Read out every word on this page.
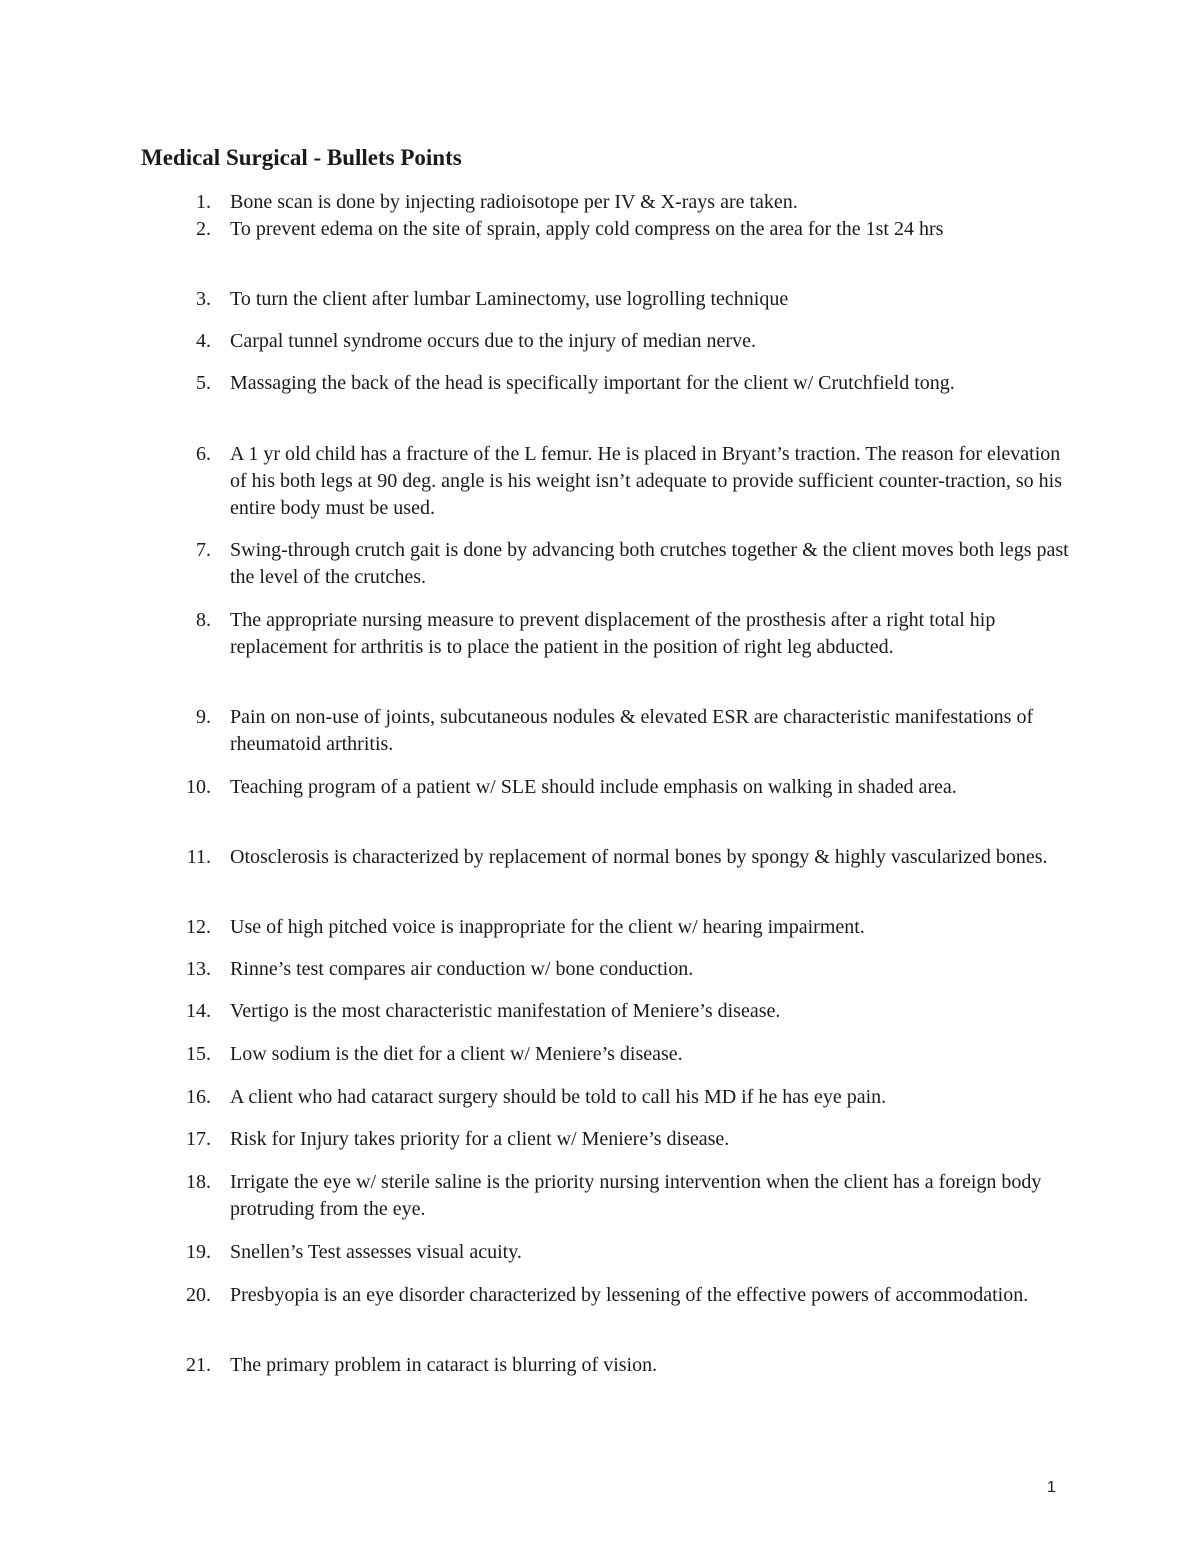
Medical Surgical - Bullets Points
1. Bone scan is done by injecting radioisotope per IV & X-rays are taken.
2. To prevent edema on the site of sprain, apply cold compress on the area for the 1st 24 hrs
3. To turn the client after lumbar Laminectomy, use logrolling technique
4. Carpal tunnel syndrome occurs due to the injury of median nerve.
5. Massaging the back of the head is specifically important for the client w/ Crutchfield tong.
6. A 1 yr old child has a fracture of the L femur. He is placed in Bryant’s traction. The reason for elevation of his both legs at 90 deg. angle is his weight isn’t adequate to provide sufficient counter-traction, so his entire body must be used.
7. Swing-through crutch gait is done by advancing both crutches together & the client moves both legs past the level of the crutches.
8. The appropriate nursing measure to prevent displacement of the prosthesis after a right total hip replacement for arthritis is to place the patient in the position of right leg abducted.
9. Pain on non-use of joints, subcutaneous nodules & elevated ESR are characteristic manifestations of rheumatoid arthritis.
10. Teaching program of a patient w/ SLE should include emphasis on walking in shaded area.
11. Otosclerosis is characterized by replacement of normal bones by spongy & highly vascularized bones.
12. Use of high pitched voice is inappropriate for the client w/ hearing impairment.
13. Rinne’s test compares air conduction w/ bone conduction.
14. Vertigo is the most characteristic manifestation of Meniere’s disease.
15. Low sodium is the diet for a client w/ Meniere’s disease.
16. A client who had cataract surgery should be told to call his MD if he has eye pain.
17. Risk for Injury takes priority for a client w/ Meniere’s disease.
18. Irrigate the eye w/ sterile saline is the priority nursing intervention when the client has a foreign body protruding from the eye.
19. Snellen’s Test assesses visual acuity.
20. Presbyopia is an eye disorder characterized by lessening of the effective powers of accommodation.
21. The primary problem in cataract is blurring of vision.
1
